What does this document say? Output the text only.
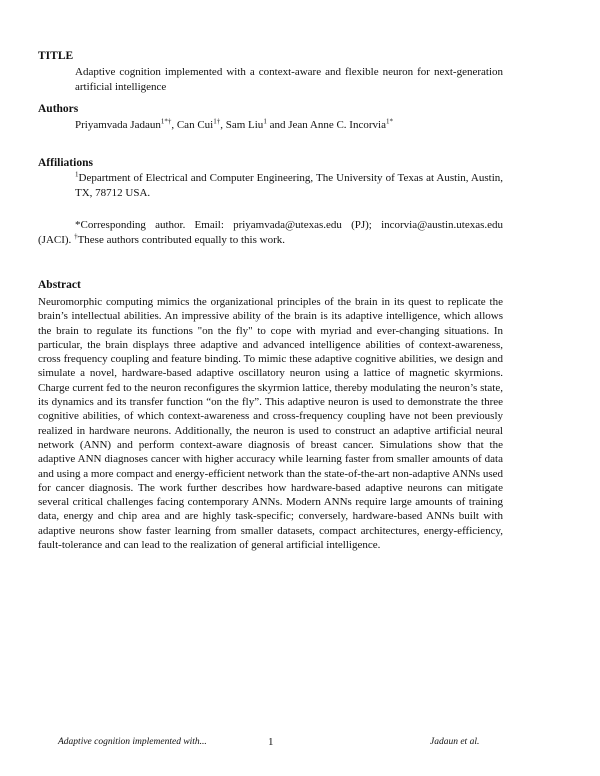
TITLE
Adaptive cognition implemented with a context-aware and flexible neuron for next-generation artificial intelligence
Authors
Priyamvada Jadaun$^{1*\dagger}$, Can Cui$^{1\dagger}$, Sam Liu$^1$ and Jean Anne C. Incorvia$^{1*}$
Affiliations
$^1$Department of Electrical and Computer Engineering, The University of Texas at Austin, Austin, TX, 78712 USA.
*Corresponding author. Email: priyamvada@utexas.edu (PJ); incorvia@austin.utexas.edu (JACI). †These authors contributed equally to this work.
Abstract
Neuromorphic computing mimics the organizational principles of the brain in its quest to replicate the brain’s intellectual abilities. An impressive ability of the brain is its adaptive intelligence, which allows the brain to regulate its functions "on the fly" to cope with myriad and ever-changing situations. In particular, the brain displays three adaptive and advanced intelligence abilities of context-awareness, cross frequency coupling and feature binding. To mimic these adaptive cognitive abilities, we design and simulate a novel, hardware-based adaptive oscillatory neuron using a lattice of magnetic skyrmions. Charge current fed to the neuron reconfigures the skyrmion lattice, thereby modulating the neuron’s state, its dynamics and its transfer function “on the fly”. This adaptive neuron is used to demonstrate the three cognitive abilities, of which context-awareness and cross-frequency coupling have not been previously realized in hardware neurons. Additionally, the neuron is used to construct an adaptive artificial neural network (ANN) and perform context-aware diagnosis of breast cancer. Simulations show that the adaptive ANN diagnoses cancer with higher accuracy while learning faster from smaller amounts of data and using a more compact and energy-efficient network than the state-of-the-art non-adaptive ANNs used for cancer diagnosis. The work further describes how hardware-based adaptive neurons can mitigate several critical challenges facing contemporary ANNs. Modern ANNs require large amounts of training data, energy and chip area and are highly task-specific; conversely, hardware-based ANNs built with adaptive neurons show faster learning from smaller datasets, compact architectures, energy-efficiency, fault-tolerance and can lead to the realization of general artificial intelligence.
Adaptive cognition implemented with...	1	Jadaun et al.
